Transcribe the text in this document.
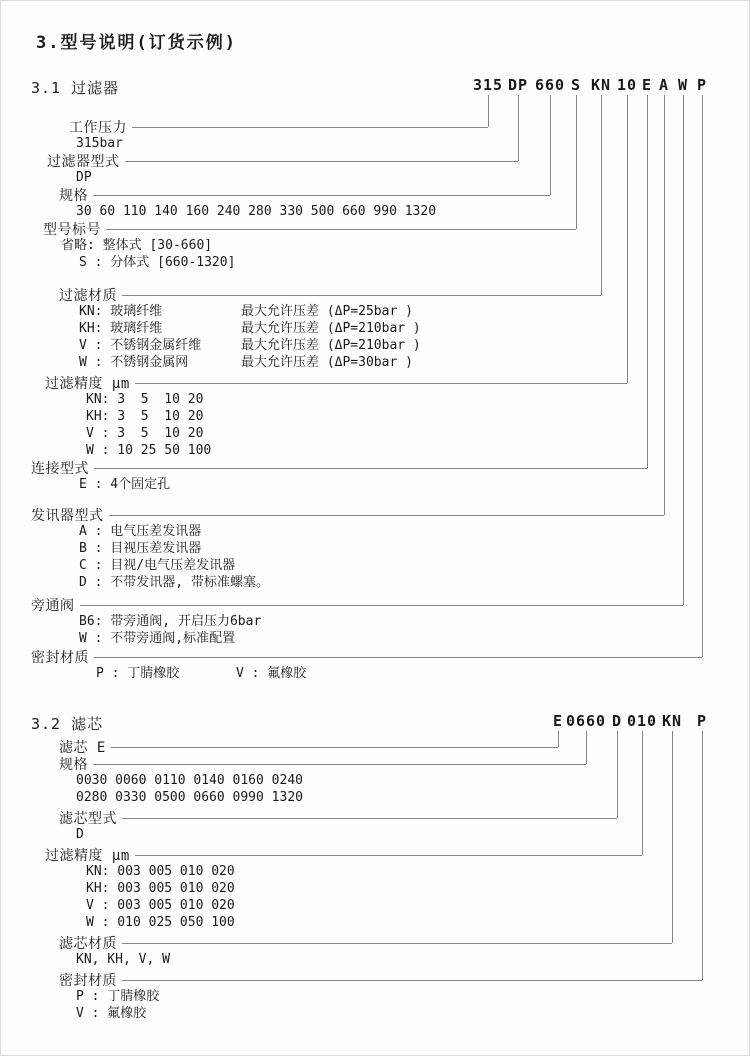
3.型号说明(订货示例)
3.1 过滤器	315 DP 660 S KN 10 E A W P
工作压力
315bar
过滤器型式
DP
规格
30 60 110 140 160 240 280 330 500 660 990 1320
型号标号
省略: 整体式 [30-660]
S : 分体式 [660-1320]
过滤材质
KN: 玻璃纤维	最大允许压差 (ΔP=25bar )
KH: 玻璃纤维	最大允许压差 (ΔP=210bar )
V : 不锈钢金属纤维	最大允许压差 (ΔP=210bar )
W : 不锈钢金属网	最大允许压差 (ΔP=30bar )
过滤精度 μm
KN: 3  5  10 20
KH: 3  5  10 20
V : 3  5  10 20
W : 10 25 50 100
连接型式
E : 4个固定孔
发讯器型式
A : 电气压差发讯器
B : 目视压差发讯器
C : 目视/电气压差发讯器
D : 不带发讯器, 带标准螺塞。
旁通阀
B6: 带旁通阀, 开启压力6bar
W : 不带旁通阀,标准配置
密封材质
P : 丁腈橡胶	V : 氟橡胶
3.2 滤芯	E 0660 D 010 KN P
滤芯 E
规格
0030 0060 0110 0140 0160 0240
0280 0330 0500 0660 0990 1320
滤芯型式
D
过滤精度 μm
KN: 003 005 010 020
KH: 003 005 010 020
V : 003 005 010 020
W : 010 025 050 100
滤芯材质
KN, KH, V, W
密封材质
P : 丁腈橡胶
V : 氟橡胶
